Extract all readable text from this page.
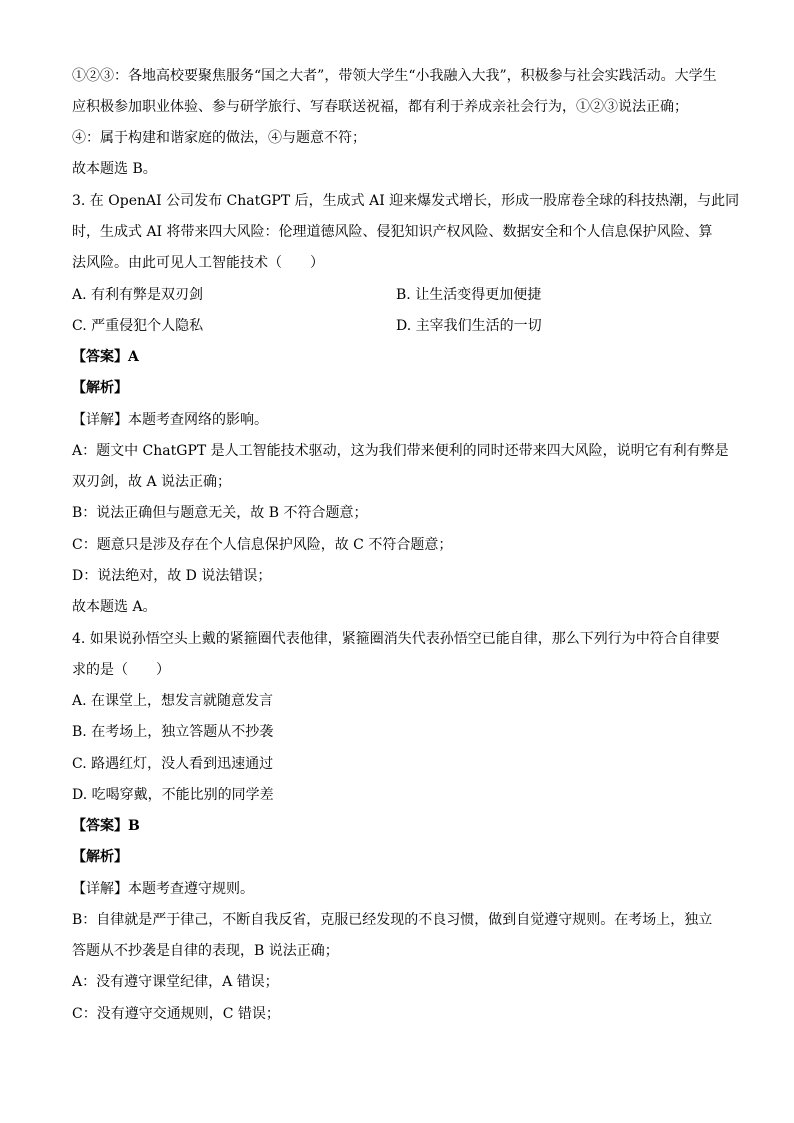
①②③：各地高校要聚焦服务“国之大者”，带领大学生“小我融入大我”，积极参与社会实践活动。大学生
应积极参加职业体验、参与研学旅行、写春联送祝福，都有利于养成亲社会行为，①②③说法正确；
④：属于构建和谐家庭的做法，④与题意不符；
故本题选 B。
3. 在 OpenAI 公司发布 ChatGPT 后，生成式 AI 迎来爆发式增长，形成一股席卷全球的科技热潮，与此同
时，生成式 AI 将带来四大风险：伦理道德风险、侵犯知识产权风险、数据安全和个人信息保护风险、算
法风险。由此可见人工智能技术（　　）
A. 有利有弊是双刃剑	B. 让生活变得更加便捷
C. 严重侵犯个人隐私	D. 主宰我们生活的一切
【答案】A
【解析】
【详解】本题考查网络的影响。
A：题文中 ChatGPT 是人工智能技术驱动，这为我们带来便利的同时还带来四大风险，说明它有利有弊是
双刃剑，故 A 说法正确；
B：说法正确但与题意无关，故 B 不符合题意；
C：题意只是涉及存在个人信息保护风险，故 C 不符合题意；
D：说法绝对，故 D 说法错误；
故本题选 A。
4. 如果说孙悟空头上戴的紧箍圈代表他律，紧箍圈消失代表孙悟空已能自律，那么下列行为中符合自律要
求的是（　　）
A. 在课堂上，想发言就随意发言
B. 在考场上，独立答题从不抄袭
C. 路遇红灯，没人看到迅速通过
D. 吃喝穿戴，不能比别的同学差
【答案】B
【解析】
【详解】本题考查遵守规则。
B：自律就是严于律己，不断自我反省，克服已经发现的不良习惯，做到自觉遵守规则。在考场上，独立
答题从不抄袭是自律的表现，B 说法正确；
A：没有遵守课堂纪律，A 错误；
C：没有遵守交通规则，C 错误；
